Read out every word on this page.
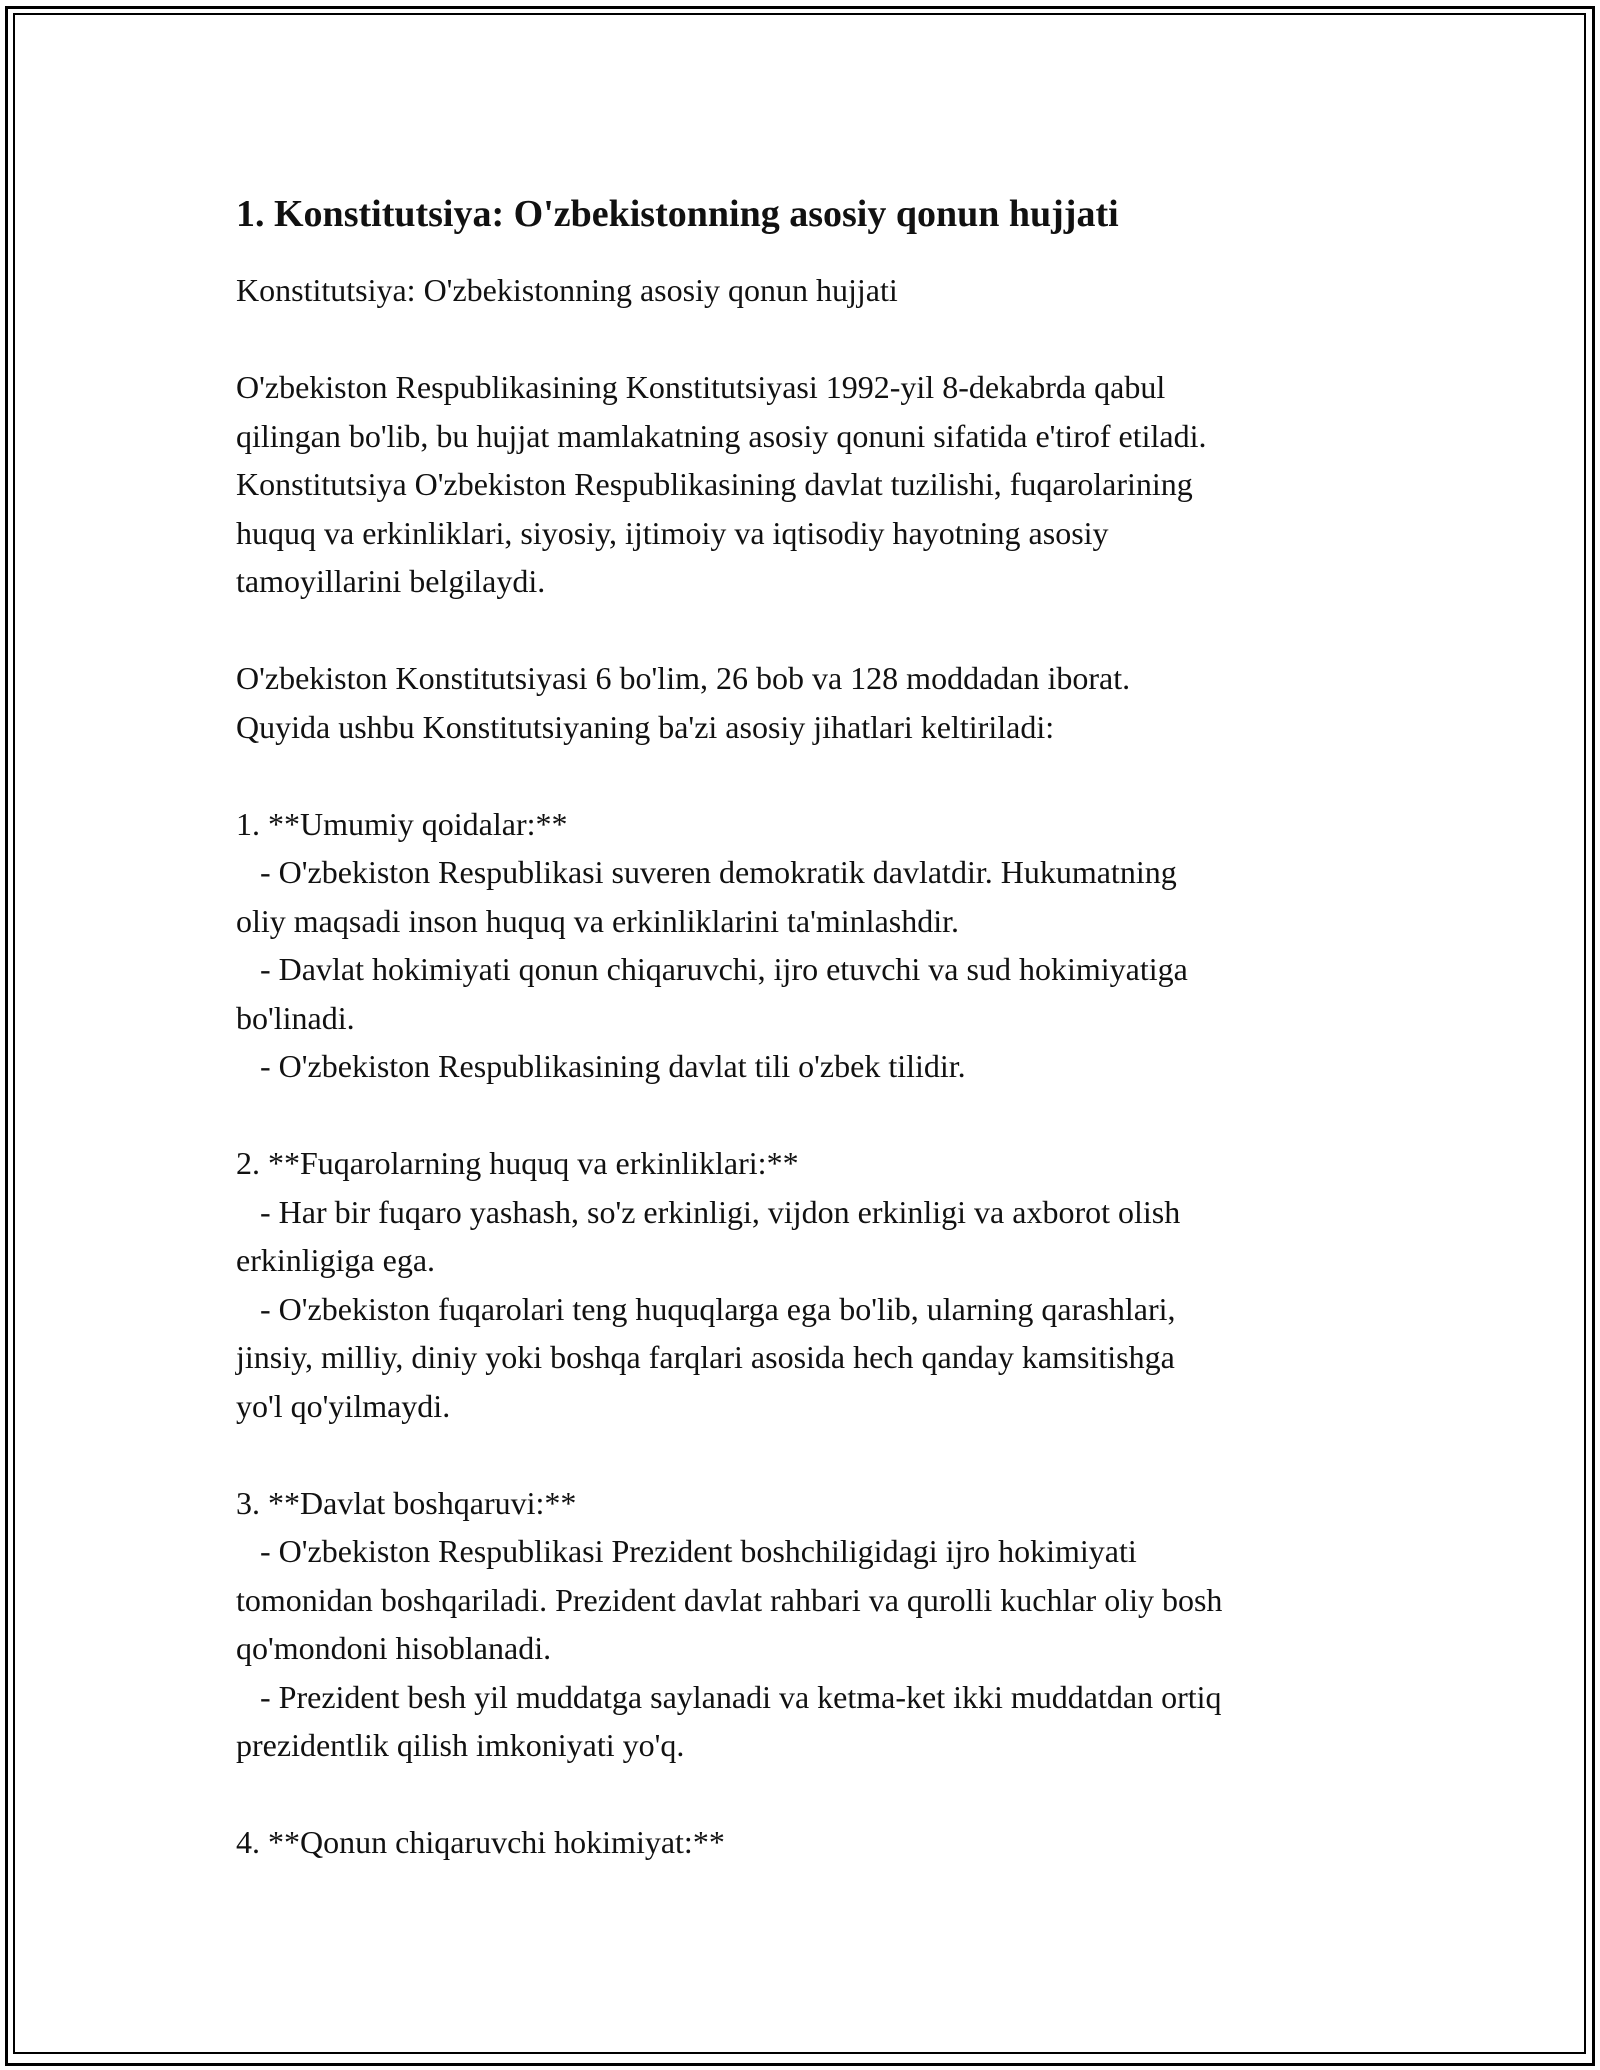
1. Konstitutsiya: O'zbekistonning asosiy qonun hujjati
Konstitutsiya: O'zbekistonning asosiy qonun hujjati

O'zbekiston Respublikasining Konstitutsiyasi 1992-yil 8-dekabrda qabul
qilingan bo'lib, bu hujjat mamlakatning asosiy qonuni sifatida e'tirof etiladi.
Konstitutsiya O'zbekiston Respublikasining davlat tuzilishi, fuqarolarining
huquq va erkinliklari, siyosiy, ijtimoiy va iqtisodiy hayotning asosiy
tamoyillarini belgilaydi.

O'zbekiston Konstitutsiyasi 6 bo'lim, 26 bob va 128 moddadan iborat.
Quyida ushbu Konstitutsiyaning ba'zi asosiy jihatlari keltiriladi:

1. **Umumiy qoidalar:**
- O'zbekiston Respublikasi suveren demokratik davlatdir. Hukumatning
oliy maqsadi inson huquq va erkinliklarini ta'minlashdir.
- Davlat hokimiyati qonun chiqaruvchi, ijro etuvchi va sud hokimiyatiga
bo'linadi.
- O'zbekiston Respublikasining davlat tili o'zbek tilidir.

2. **Fuqarolarning huquq va erkinliklari:**
- Har bir fuqaro yashash, so'z erkinligi, vijdon erkinligi va axborot olish
erkinligiga ega.
- O'zbekiston fuqarolari teng huquqlarga ega bo'lib, ularning qarashlari,
jinsiy, milliy, diniy yoki boshqa farqlari asosida hech qanday kamsitishga
yo'l qo'yilmaydi.

3. **Davlat boshqaruvi:**
- O'zbekiston Respublikasi Prezident boshchiligidagi ijro hokimiyati
tomonidan boshqariladi. Prezident davlat rahbari va qurolli kuchlar oliy bosh
qo'mondoni hisoblanadi.
- Prezident besh yil muddatga saylanadi va ketma-ket ikki muddatdan ortiq
prezidentlik qilish imkoniyati yo'q.

4. **Qonun chiqaruvchi hokimiyat:**
